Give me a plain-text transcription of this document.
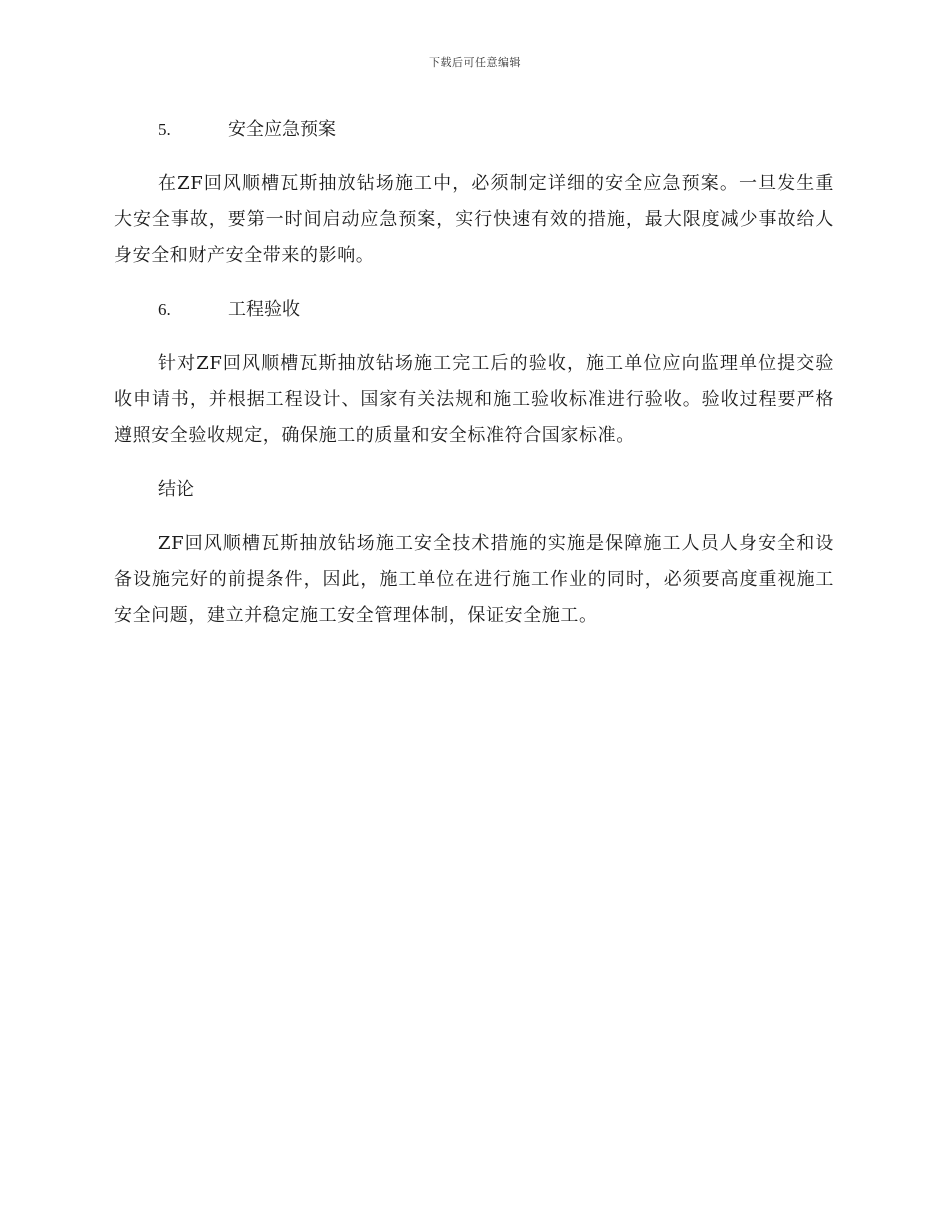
下载后可任意编辑
5.	安全应急预案

在ZF回风顺槽瓦斯抽放钻场施工中，必须制定详细的安全应急预案。一旦发生重大安全事故，要第一时间启动应急预案，实行快速有效的措施，最大限度减少事故给人身安全和财产安全带来的影响。

6.	工程验收

针对ZF回风顺槽瓦斯抽放钻场施工完工后的验收，施工单位应向监理单位提交验收申请书，并根据工程设计、国家有关法规和施工验收标准进行验收。验收过程要严格遵照安全验收规定，确保施工的质量和安全标准符合国家标准。

结论

ZF回风顺槽瓦斯抽放钻场施工安全技术措施的实施是保障施工人员人身安全和设备设施完好的前提条件，因此，施工单位在进行施工作业的同时，必须要高度重视施工安全问题，建立并稳定施工安全管理体制，保证安全施工。
